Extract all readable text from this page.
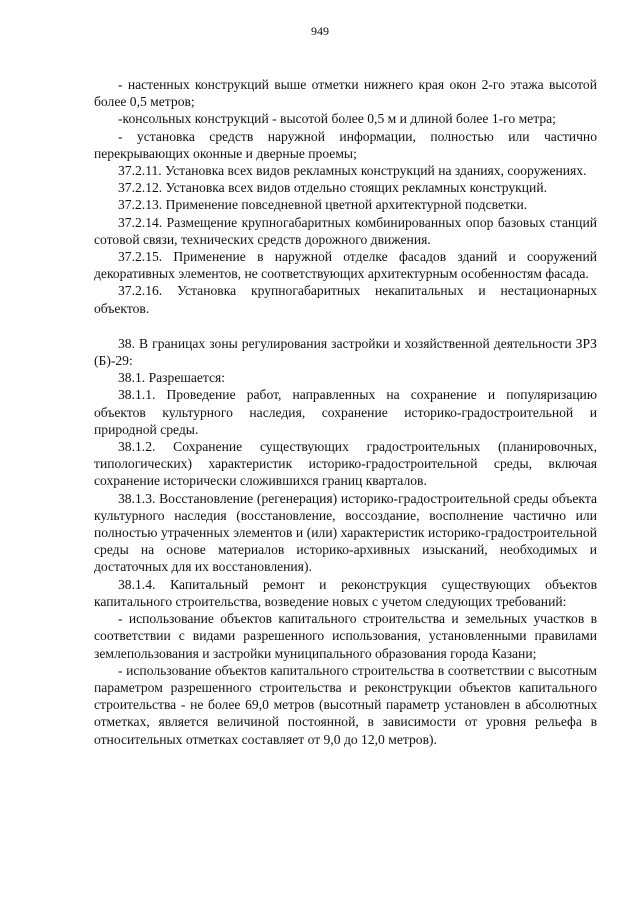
949

- настенных конструкций выше отметки нижнего края окон 2-го этажа высотой более 0,5 метров;

-консольных конструкций - высотой более 0,5 м и длиной более 1-го метра;

- установка средств наружной информации, полностью или частично перекрывающих оконные и дверные проемы;

37.2.11. Установка всех видов рекламных конструкций на зданиях, сооружениях.

37.2.12. Установка всех видов отдельно стоящих рекламных конструкций.

37.2.13. Применение повседневной цветной архитектурной подсветки.

37.2.14. Размещение крупногабаритных комбинированных опор базовых станций сотовой связи, технических средств дорожного движения.

37.2.15. Применение в наружной отделке фасадов зданий и сооружений декоративных элементов, не соответствующих архитектурным особенностям фасада.

37.2.16. Установка крупногабаритных некапитальных и нестационарных объектов.

38. В границах зоны регулирования застройки и хозяйственной деятельности ЗРЗ (Б)-29:

38.1. Разрешается:

38.1.1. Проведение работ, направленных на сохранение и популяризацию объектов культурного наследия, сохранение историко-градостроительной и природной среды.

38.1.2. Сохранение существующих градостроительных (планировочных, типологических) характеристик историко-градостроительной среды, включая сохранение исторически сложившихся границ кварталов.

38.1.3. Восстановление (регенерация) историко-градостроительной среды объекта культурного наследия (восстановление, воссоздание, восполнение частично или полностью утраченных элементов и (или) характеристик историко-градостроительной среды на основе материалов историко-архивных изысканий, необходимых и достаточных для их восстановления).

38.1.4. Капитальный ремонт и реконструкция существующих объектов капитального строительства, возведение новых с учетом следующих требований:

- использование объектов капитального строительства и земельных участков в соответствии с видами разрешенного использования, установленными правилами землепользования и застройки муниципального образования города Казани;

- использование объектов капитального строительства в соответствии с высотным параметром разрешенного строительства и реконструкции объектов капитального строительства - не более 69,0 метров (высотный параметр установлен в абсолютных отметках, является величиной постоянной, в зависимости от уровня рельефа в относительных отметках составляет от 9,0 до 12,0 метров).
